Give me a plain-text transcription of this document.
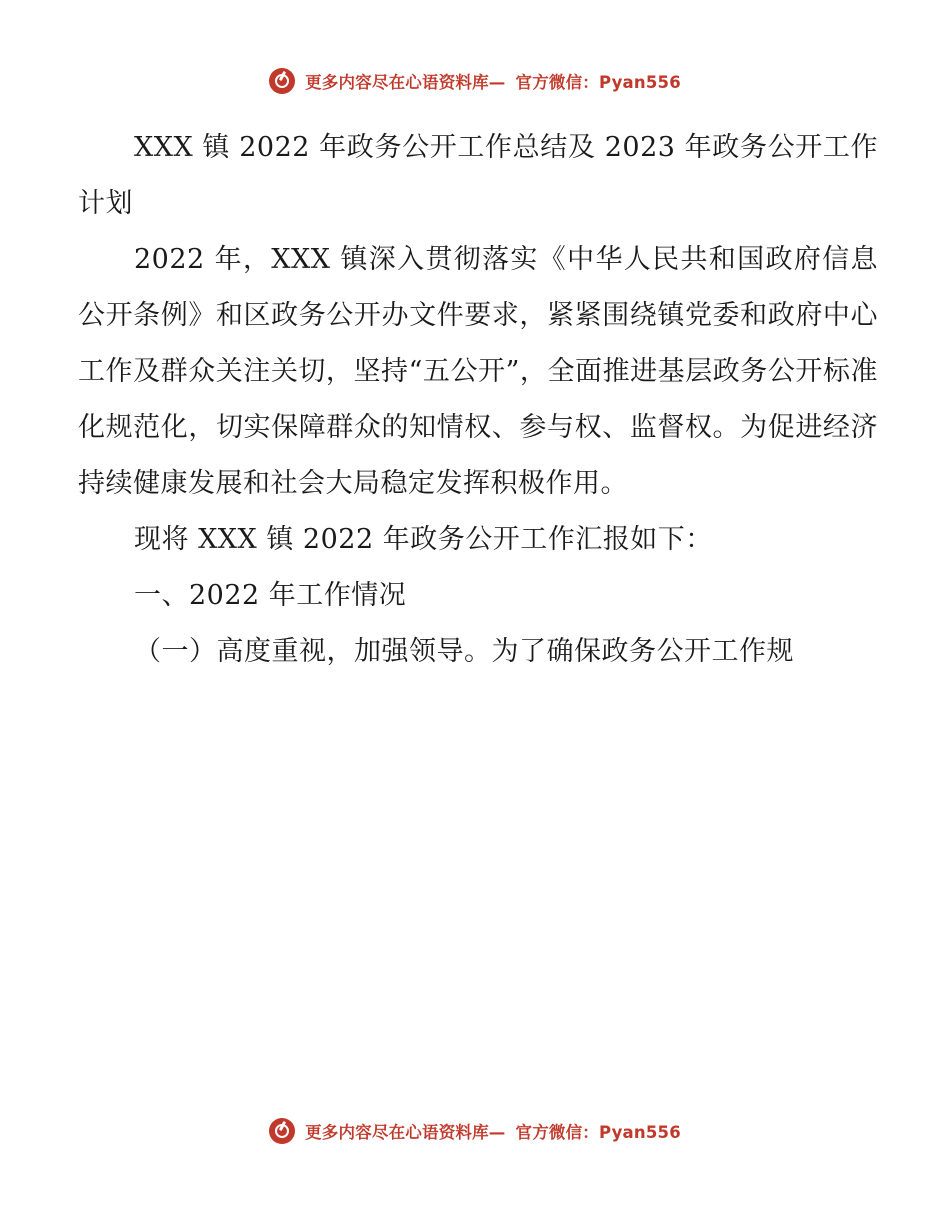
更多内容尽在心语资料库— 官方微信：Pyan556

XXX 镇 2022 年政务公开工作总结及 2023 年政务公开工作计划

2022 年，XXX 镇深入贯彻落实《中华人民共和国政府信息公开条例》和区政务公开办文件要求，紧紧围绕镇党委和政府中心工作及群众关注关切，坚持“五公开”，全面推进基层政务公开标准化规范化，切实保障群众的知情权、参与权、监督权。为促进经济持续健康发展和社会大局稳定发挥积极作用。

现将 XXX 镇 2022 年政务公开工作汇报如下：

一、2022 年工作情况

（一）高度重视，加强领导。为了确保政务公开工作规

更多内容尽在心语资料库— 官方微信：Pyan556
